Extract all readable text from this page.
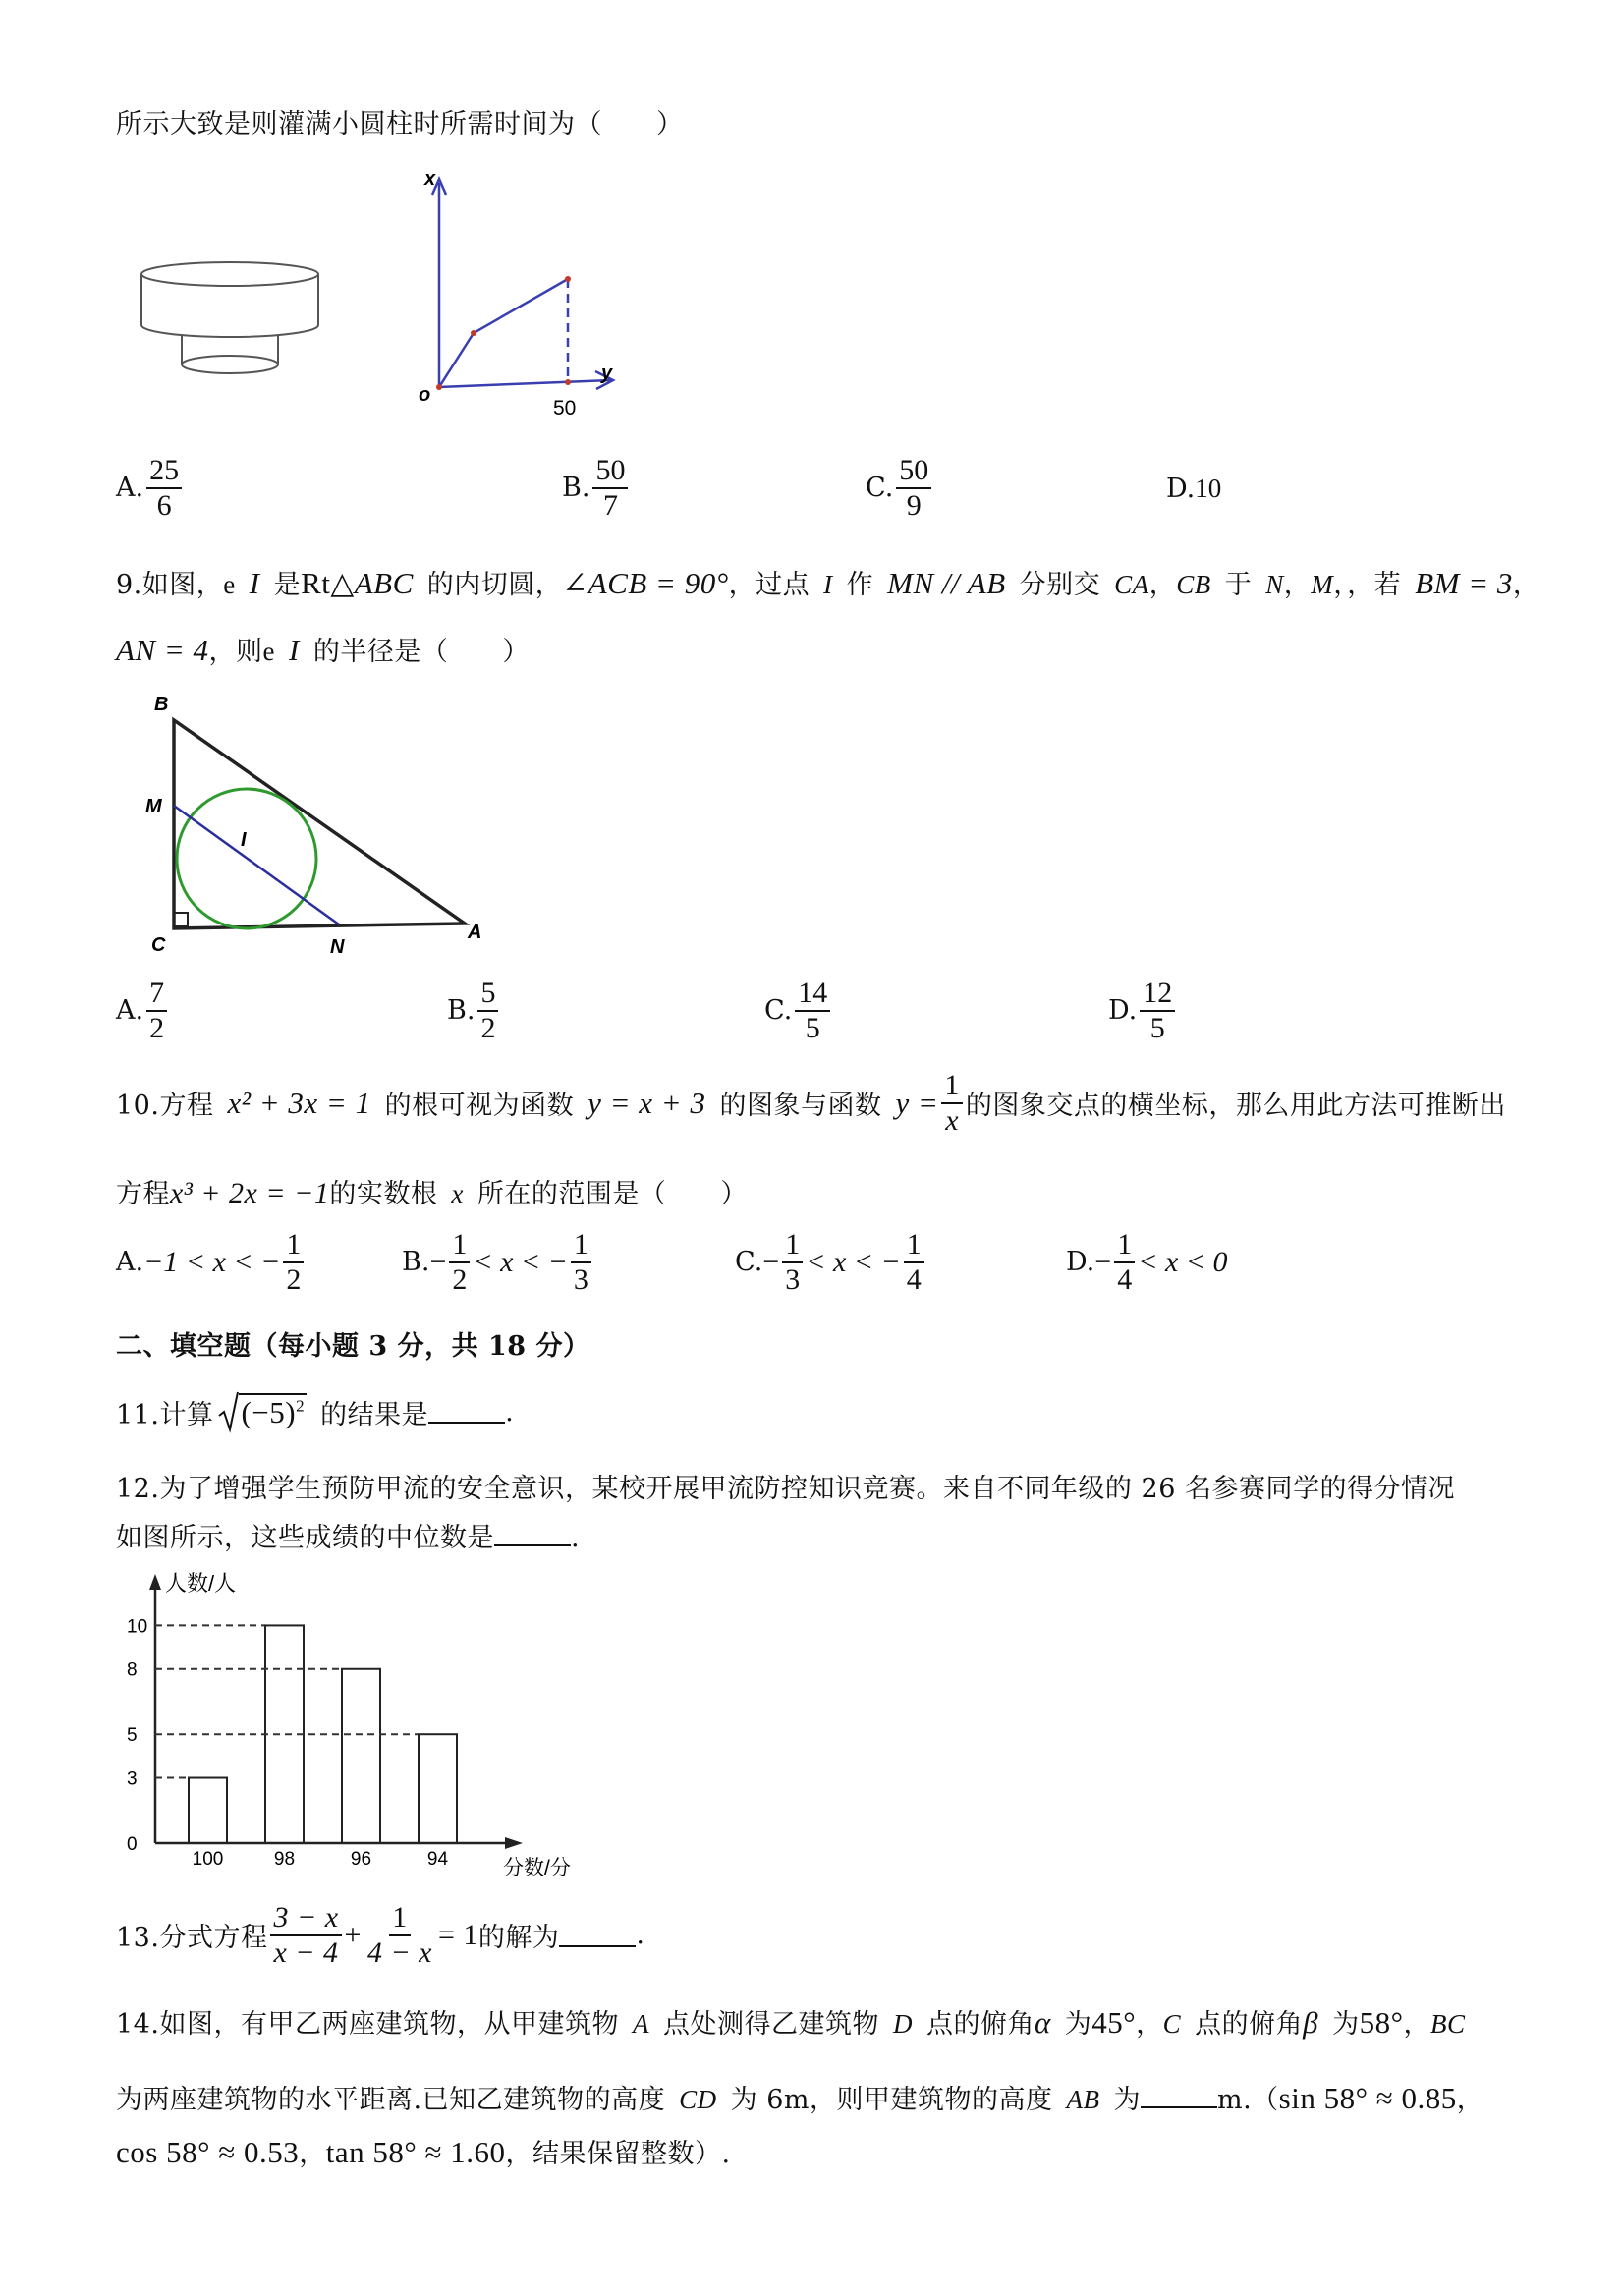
所示大致是则灌满小圆柱时所需时间为（　　）
x
y
o
50
A. $\frac{25}{6}$	B. $\frac{50}{7}$	C. $\frac{50}{9}$	D. 10
9.如图，e  I  是Rt△ABC  的内切圆，∠ACB = 90°，过点  I  作  MN // AB  分别交  CA，CB  于  N，M，，若  BM = 3，
AN = 4，则e  I  的半径是（　　）
B
M
I
C	N
A
A. $\frac{7}{2}$	B. $\frac{5}{2}$	C. $\frac{14}{5}$	D. $\frac{12}{5}$
10.方程
  x² + 3x = 1
  的根可视为函数
  y = x + 3
  的图象与函数
  $y = \frac{1}{x}$ 的图象交点的横坐标，那么用此方法可推断出
方程x³ + 2x = −1的实数根  x  所在的范围是（　　）
A. −1 < x < − $\frac{1}{2}$	B. − $\frac{1}{2} < x$ < − $\frac{1}{3}$	C. − $\frac{1}{3} < x$ < − $\frac{1}{4}$	D. − $\frac{1}{4} < x < 0$
二、填空题（每小题 3 分，共 18 分）
11.计算 $(-5)^2$
  的结果是	.
12.为了增强学生预防甲流的安全意识，某校开展甲流防控知识竞赛。来自不同年级的 26 名参赛同学的得分情况
如图所示，这些成绩的中位数是	.
人数/人
分数/分
0
3
5
8
10
100	98	96	94
13.分式方程 $\frac{3 - x}{x - 4} + \frac{1}{4 - x} = 1$ 的解为	.
14.如图，有甲乙两座建筑物，从甲建筑物  A  点处测得乙建筑物  D  点的俯角α  为45°，C  点的俯角β  为58°，BC
为两座建筑物的水平距离.已知乙建筑物的高度  CD  为 6m，则甲建筑物的高度  AB  为	m.（sin 58° ≈ 0.85，
cos 58° ≈ 0.53，tan 58° ≈ 1.60，结果保留整数）.
